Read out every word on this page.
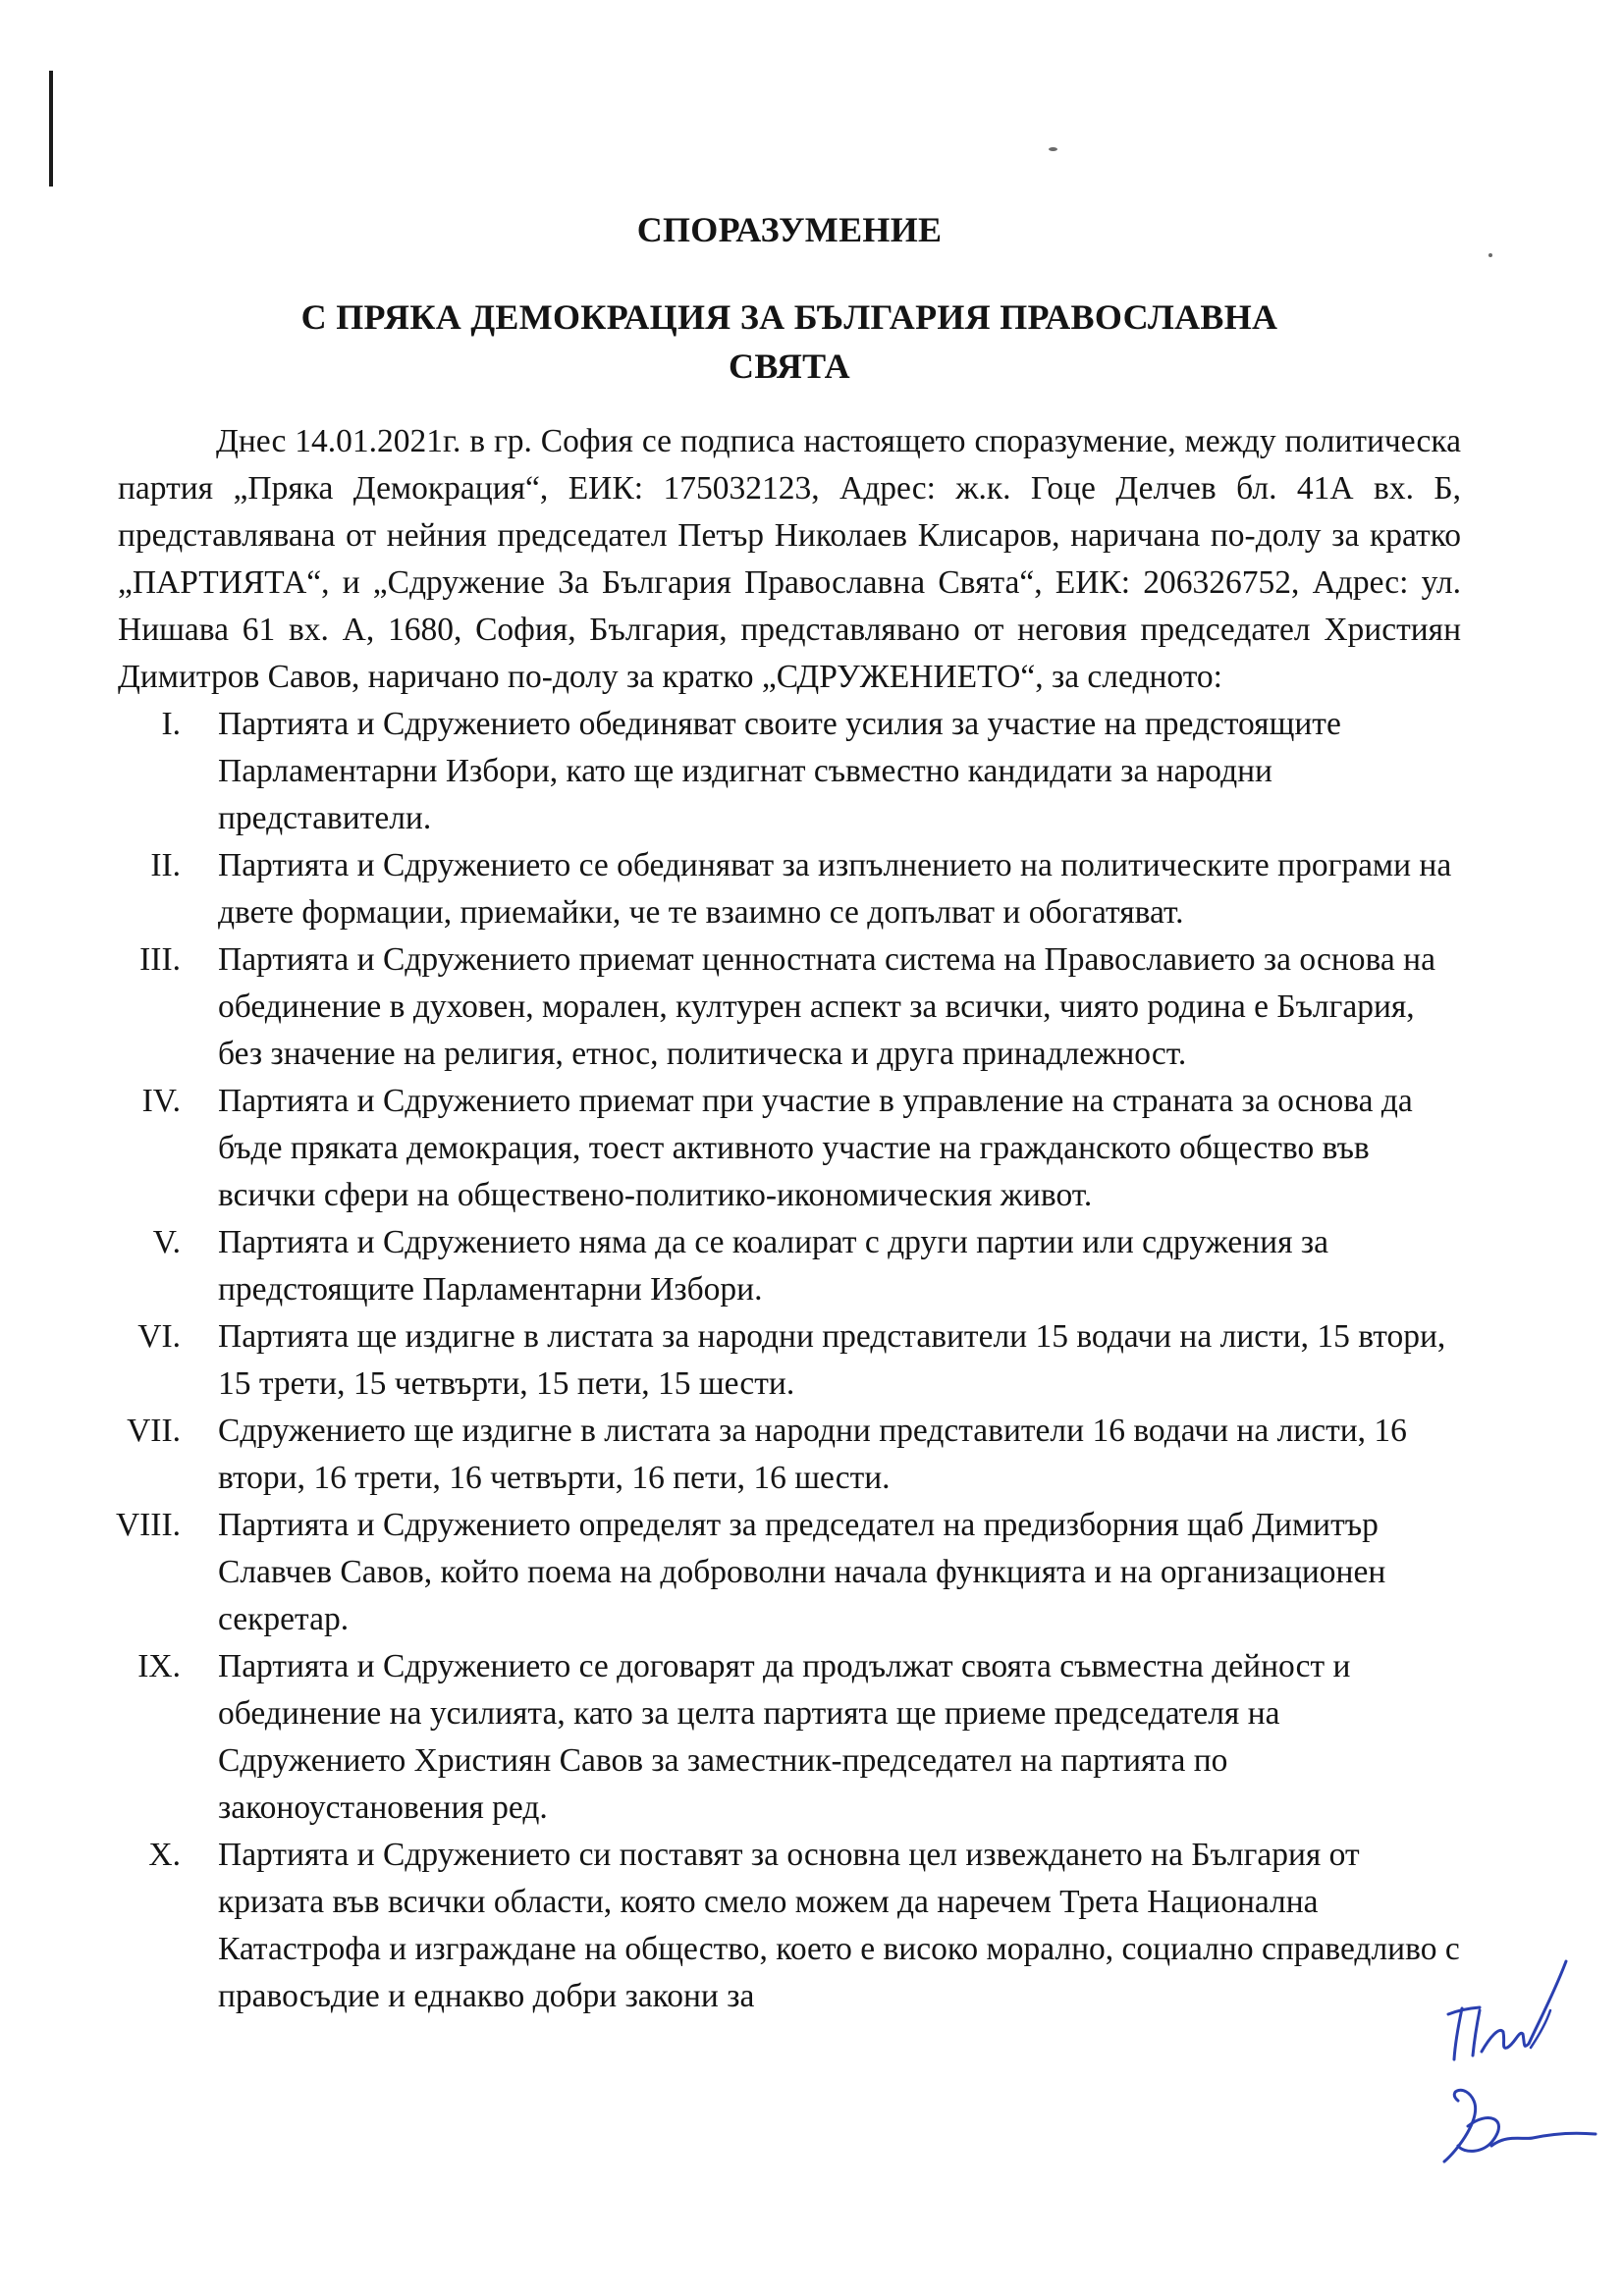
СПОРАЗУМЕНИЕ
С ПРЯКА ДЕМОКРАЦИЯ ЗА БЪЛГАРИЯ ПРАВОСЛАВНА
СВЯТА

Днес 14.01.2021г. в гр. София се подписа настоящето споразумение, между политическа партия „Пряка Демокрация“, ЕИК: 175032123, Адрес: ж.к. Гоце Делчев бл. 41А вх. Б, представлявана от нейния председател Петър Николаев Клисаров, наричана по-долу за кратко „ПАРТИЯТА“, и „Сдружение За България Православна Свята“, ЕИК: 206326752, Адрес: ул. Нишава 61 вх. А, 1680, София, България, представлявано от неговия председател Християн Димитров Савов, наричано по-долу за кратко „СДРУЖЕНИЕТО“, за следното:

I. Партията и Сдружението обединяват своите усилия за участие на предстоящите Парламентарни Избори, като ще издигнат съвместно кандидати за народни представители.
II. Партията и Сдружението се обединяват за изпълнението на политическите програми на двете формации, приемайки, че те взаимно се допълват и обогатяват.
III. Партията и Сдружението приемат ценностната система на Православието за основа на обединение в духовен, морален, културен аспект за всички, чиято родина е България, без значение на религия, етнос, политическа и друга принадлежност.
IV. Партията и Сдружението приемат при участие в управление на страната за основа да бъде пряката демокрация, тоест активното участие на гражданското общество във всички сфери на обществено-политико-икономическия живот.
V. Партията и Сдружението няма да се коалират с други партии или сдружения за предстоящите Парламентарни Избори.
VI. Партията ще издигне в листата за народни представители 15 водачи на листи, 15 втори, 15 трети, 15 четвърти, 15 пети, 15 шести.
VII. Сдружението ще издигне в листата за народни представители 16 водачи на листи, 16 втори, 16 трети, 16 четвърти, 16 пети, 16 шести.
VIII. Партията и Сдружението определят за председател на предизборния щаб Димитър Славчев Савов, който поема на доброволни начала функцията и на организационен секретар.
IX. Партията и Сдружението се договарят да продължат своята съвместна дейност и обединение на усилията, като за целта партията ще приеме председателя на Сдружението Християн Савов за заместник-председател на партията по законоустановения ред.
X. Партията и Сдружението си поставят за основна цел извеждането на България от кризата във всички области, която смело можем да наречем Трета Национална Катастрофа и изграждане на общество, което е високо морално, социално справедливо с правосъдие и еднакво добри закони за
